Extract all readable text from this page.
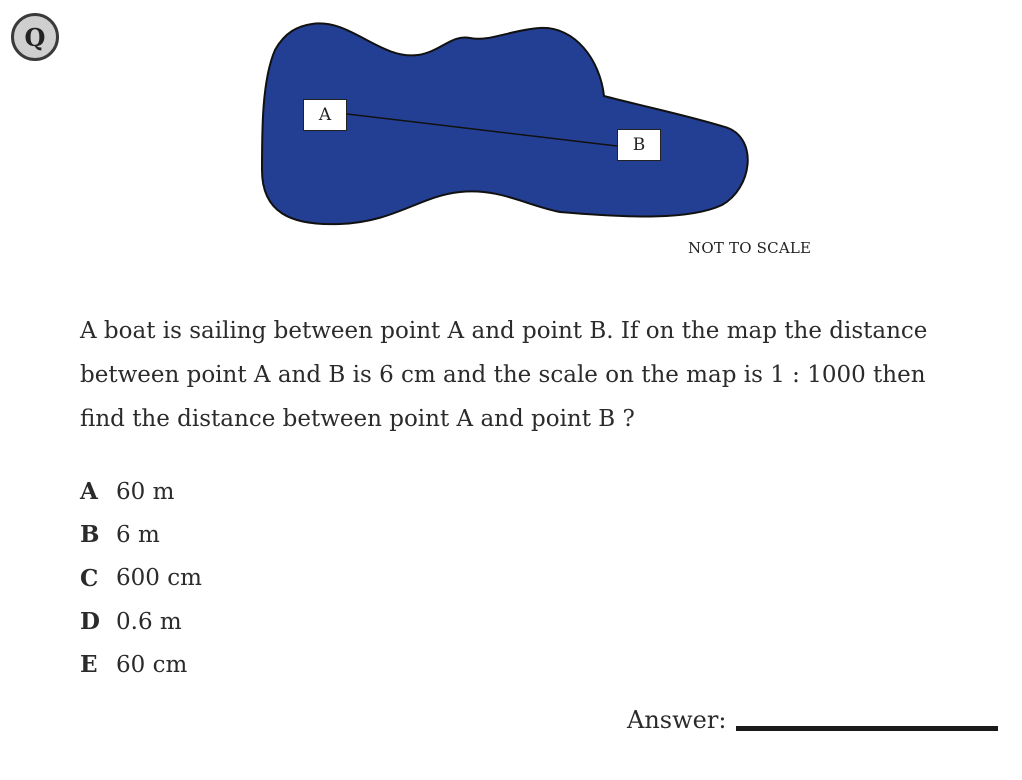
Q
A
B
NOT TO SCALE
A boat is sailing between point A and point B. If on the map the distance
between point A and B is 6 cm and the scale on the map is 1 : 1000 then
find the distance between point A and point B ?
A 60 m
B 6 m
C 600 cm
D 0.6 m
E 60 cm
Answer:
